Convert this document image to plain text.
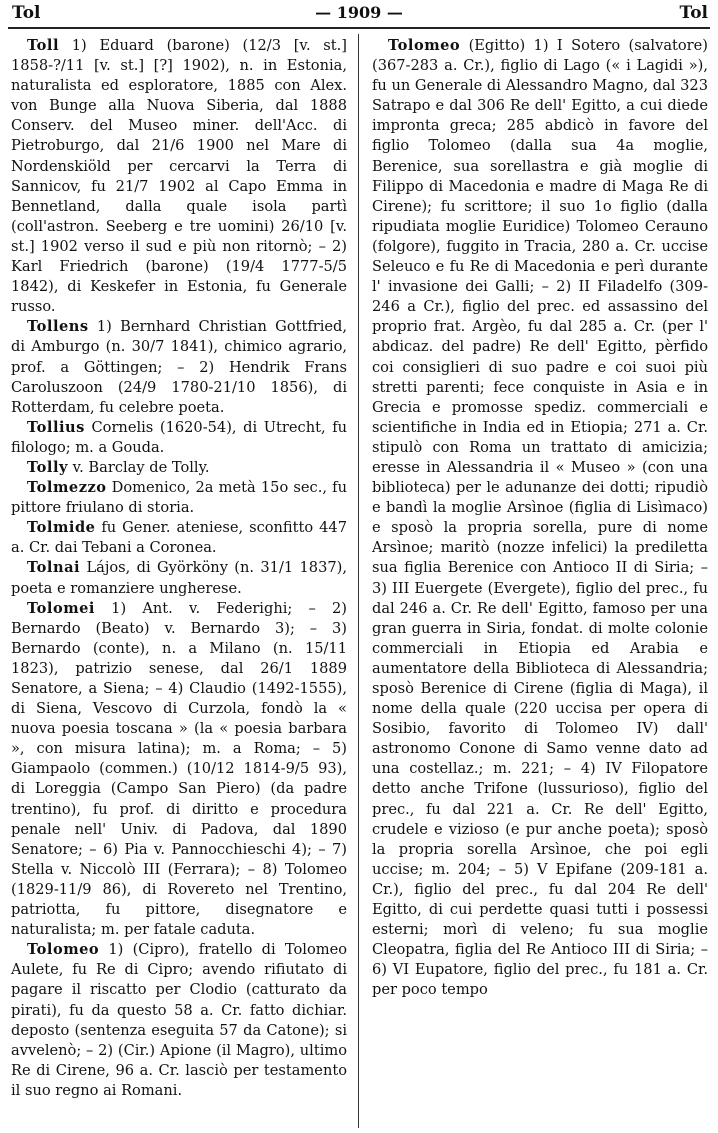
Tol	— 1909 —	Tol

Toll 1) Eduard (barone) (12/3 [v. st.] 1858-?/11 [v. st.] [?] 1902), n. in Estonia, naturalista ed esploratore, 1885 con Alex. von Bunge alla Nuova Siberia, dal 1888 Conserv. del Museo miner. dell'Acc. di Pietroburgo, dal 21/6 1900 nel Mare di Nordenskiöld per cercarvi la Terra di Sannicov, fu 21/7 1902 al Capo Emma in Bennetland, dalla quale isola partì (coll'astron. Seeberg e tre uomini) 26/10 [v. st.] 1902 verso il sud e più non ritornò; – 2) Karl Friedrich (barone) (19/4 1777-5/5 1842), di Keskefer in Estonia, fu Generale russo.

Tollens 1) Bernhard Christian Gottfried, di Amburgo (n. 30/7 1841), chimico agrario, prof. a Göttingen; – 2) Hendrik Frans Caroluszoon (24/9 1780-21/10 1856), di Rotterdam, fu celebre poeta.

Tollius Cornelis (1620-54), di Utrecht, fu filologo; m. a Gouda.

Tolly v. Barclay de Tolly.

Tolmezzo Domenico, 2a metà 15o sec., fu pittore friulano di storia.

Tolmide fu Gener. ateniese, sconfitto 447 a. Cr. dai Tebani a Coronea.

Tolnai Lájos, di Györköny (n. 31/1 1837), poeta e romanziere ungherese.

Tolomei 1) Ant. v. Federighi; – 2) Bernardo (Beato) v. Bernardo 3); – 3) Bernardo (conte), n. a Milano (n. 15/11 1823), patrizio senese, dal 26/1 1889 Senatore, a Siena; – 4) Claudio (1492-1555), di Siena, Vescovo di Curzola, fondò la « nuova poesia toscana » (la « poesia barbara », con misura latina); m. a Roma; – 5) Giampaolo (commen.) (10/12 1814-9/5 93), di Loreggia (Campo San Piero) (da padre trentino), fu prof. di diritto e procedura penale nell' Univ. di Padova, dal 1890 Senatore; – 6) Pia v. Pannocchieschi 4); – 7) Stella v. Niccolò III (Ferrara); – 8) Tolomeo (1829-11/9 86), di Rovereto nel Trentino, patriotta, fu pittore, disegnatore e naturalista; m. per fatale caduta.

Tolomeo 1) (Cipro), fratello di Tolomeo Aulete, fu Re di Cipro; avendo rifiutato di pagare il riscatto per Clodio (catturato da pirati), fu da questo 58 a. Cr. fatto dichiar. deposto (sentenza eseguita 57 da Catone); si avvelenò; – 2) (Cir.) Apione (il Magro), ultimo Re di Cirene, 96 a. Cr. lasciò per testamento il suo regno ai Romani.

Tolomeo (Egitto) 1) I Sotero (salvatore) (367-283 a. Cr.), figlio di Lago (« i Lagidi »), fu un Generale di Alessandro Magno, dal 323 Satrapo e dal 306 Re dell' Egitto, a cui diede impronta greca; 285 abdicò in favore del figlio Tolomeo (dalla sua 4a moglie, Berenice, sua sorellastra e già moglie di Filippo di Macedonia e madre di Maga Re di Cirene); fu scrittore; il suo 1o figlio (dalla ripudiata moglie Euridice) Tolomeo Cerauno (folgore), fuggito in Tracia, 280 a. Cr. uccise Seleuco e fu Re di Macedonia e perì durante l' invasione dei Galli; – 2) II Filadelfo (309-246 a Cr.), figlio del prec. ed assassino del proprio frat. Argèo, fu dal 285 a. Cr. (per l' abdicaz. del padre) Re dell' Egitto, pèrfido coi consiglieri di suo padre e coi suoi più stretti parenti; fece conquiste in Asia e in Grecia e promosse spediz. commerciali e scientifiche in India ed in Etiopia; 271 a. Cr. stipulò con Roma un trattato di amicizia; eresse in Alessandria il « Museo » (con una biblioteca) per le adunanze dei dotti; ripudiò e bandì la moglie Arsìnoe (figlia di Lisìmaco) e sposò la propria sorella, pure di nome Arsìnoe; maritò (nozze infelici) la prediletta sua figlia Berenice con Antioco II di Siria; – 3) III Euergete (Evergete), figlio del prec., fu dal 246 a. Cr. Re dell' Egitto, famoso per una gran guerra in Siria, fondat. di molte colonie commerciali in Etiopia ed Arabia e aumentatore della Biblioteca di Alessandria; sposò Berenice di Cirene (figlia di Maga), il nome della quale (220 uccisa per opera di Sosibio, favorito di Tolomeo IV) dall' astronomo Conone di Samo venne dato ad una costellaz.; m. 221; – 4) IV Filopatore detto anche Trifone (lussurioso), figlio del prec., fu dal 221 a. Cr. Re dell' Egitto, crudele e vizioso (e pur anche poeta); sposò la propria sorella Arsìnoe, che poi egli uccise; m. 204; – 5) V Epifane (209-181 a. Cr.), figlio del prec., fu dal 204 Re dell' Egitto, di cui perdette quasi tutti i possessi esterni; morì di veleno; fu sua moglie Cleopatra, figlia del Re Antioco III di Siria; – 6) VI Eupatore, figlio del prec., fu 181 a. Cr. per poco tempo
